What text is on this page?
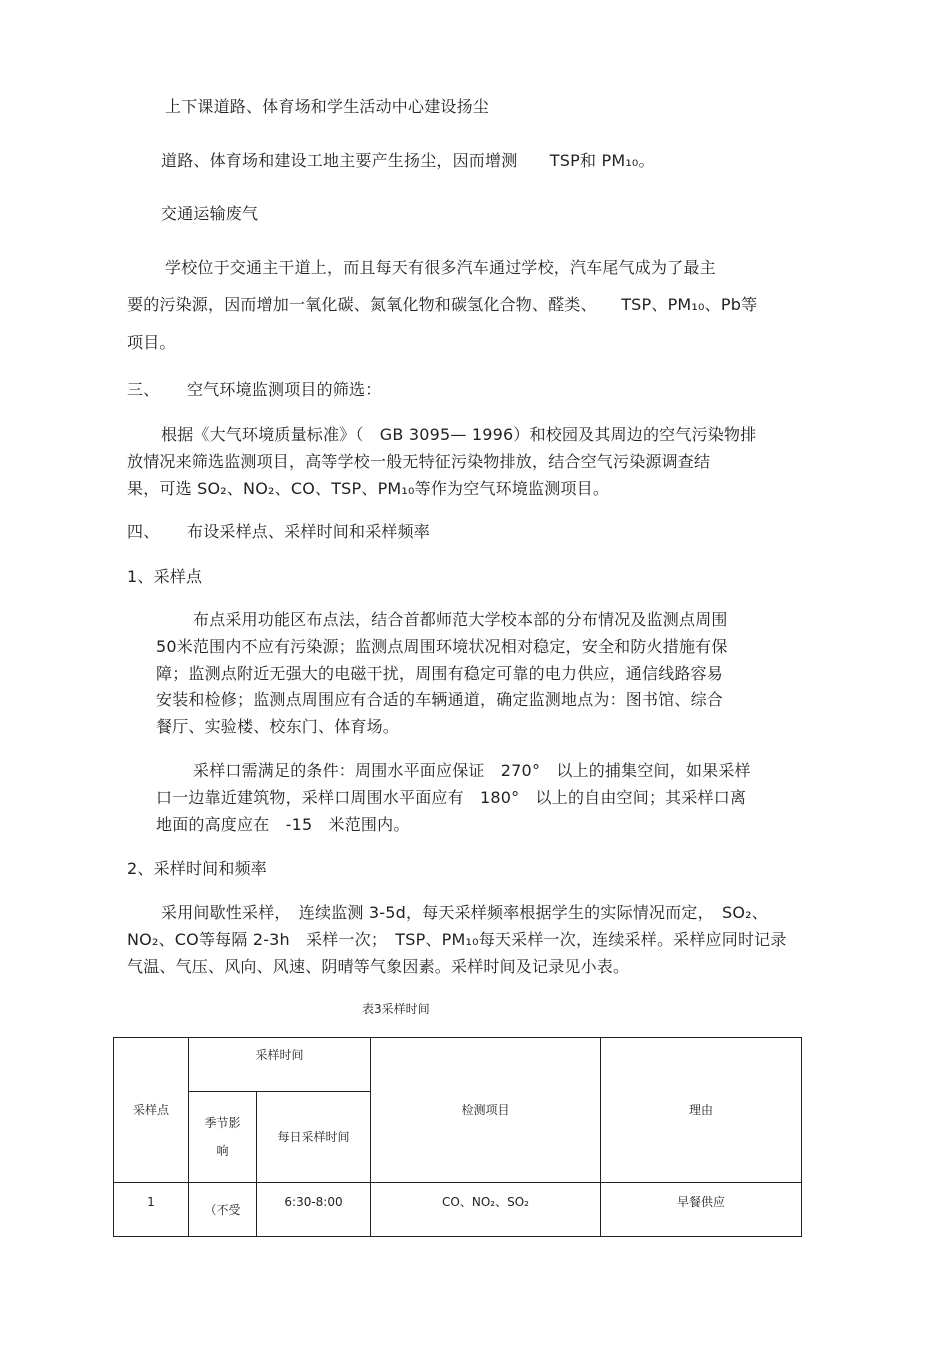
上下课道路、体育场和学生活动中心建设扬尘
道路、体育场和建设工地主要产生扬尘，因而增测　　TSP和 PM₁₀。
交通运输废气
学校位于交通主干道上，而且每天有很多汽车通过学校，汽车尾气成为了最主
要的污染源，因而增加一氧化碳、氮氧化物和碳氢化合物、醛类、　　TSP、PM₁₀、Pb等
项目。
三、 空气环境监测项目的筛选：
根据《大气环境质量标准》（　GB 3095— 1996）和校园及其周边的空气污染物排
放情况来筛选监测项目，高等学校一般无特征污染物排放，结合空气污染源调查结
果，可选 SO₂、NO₂、CO、TSP、PM₁₀等作为空气环境监测项目。
四、 布设采样点、采样时间和采样频率
1、采样点
布点采用功能区布点法，结合首都师范大学校本部的分布情况及监测点周围
50米范围内不应有污染源；监测点周围环境状况相对稳定，安全和防火措施有保
障；监测点附近无强大的电磁干扰，周围有稳定可靠的电力供应，通信线路容易
安装和检修；监测点周围应有合适的车辆通道，确定监测地点为：图书馆、综合
餐厅、实验楼、校东门、体育场。
采样口需满足的条件：周围水平面应保证　270°　以上的捕集空间，如果采样
口一边靠近建筑物，采样口周围水平面应有　180°　以上的自由空间；其采样口离
地面的高度应在　-15　米范围内。
2、采样时间和频率
采用间歇性采样，　连续监测 3-5d，每天采样频率根据学生的实际情况而定，　SO₂、
NO₂、CO等每隔 2-3h　采样一次；　TSP、PM₁₀每天采样一次，连续采样。采样应同时记录
气温、气压、风向、风速、阴晴等气象因素。采样时间及记录见小表。
表3采样时间
采样点	采样时间		检测项目	理由
	季节影
响	每日采样时间		
1	（不受	6:30-8:00	CO、NO₂、SO₂	早餐供应
